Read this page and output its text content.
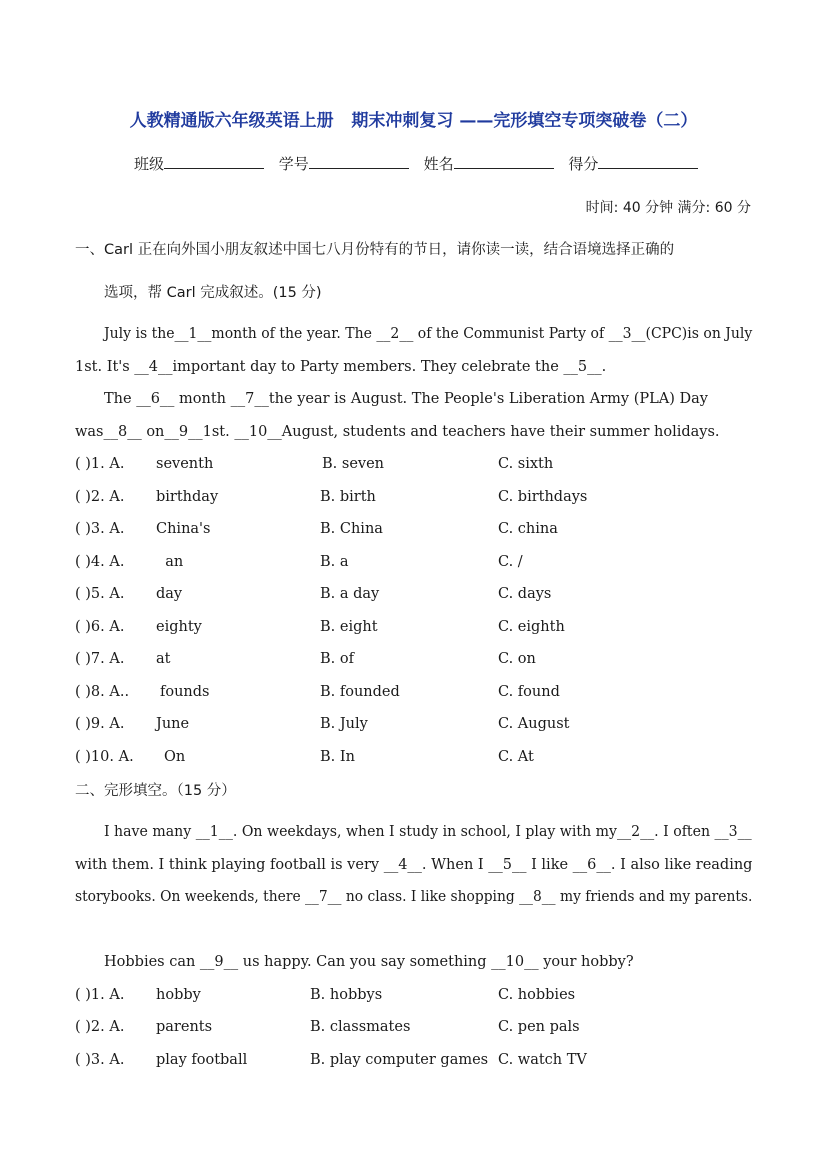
人教精通版六年级英语上册   期末冲刺复习 ——完形填空专项突破卷（二）
班级	学号	姓名	得分
时间: 40 分钟 满分: 60 分
一、Carl 正在向外国小朋友叙述中国七八月份特有的节日，请你读一读，结合语境选择正确的
选项，帮 Carl 完成叙述。(15 分)
July is the__1__month of the year. The __2__ of the Communist Party of __3__(CPC)is on July
1st. It's __4__important day to Party members. They celebrate the __5__.
The __6__ month __7__the year is August. The People's Liberation Army (PLA) Day
was__8__ on__9__1st. __10__August, students and teachers have their summer holidays.
( )1. A. seventh	B. seven	C. sixth
( )2. A. birthday	B. birth	C. birthdays
( )3. A. China's	B. China	C. china
( )4. A. an	B. a	C. /
( )5. A. day	B. a day	C. days
( )6. A. eighty	B. eight	C. eighth
( )7. A. at	B. of	C. on
( )8. A.. founds	B. founded	C. found
( )9. A. June	B. July	C. August
( )10. A. On	B. In	C. At
二、完形填空。（15 分）
I have many __1__. On weekdays, when I study in school, I play with my__2__. I often __3__
with them. I think playing football is very __4__. When I __5__ I like __6__. I also like reading
storybooks. On weekends, there __7__ no class. I like shopping __8__ my friends and my parents.
Hobbies can __9__ us happy. Can you say something __10__ your hobby?
( )1. A. hobby	B. hobbys	C. hobbies
( )2. A. parents	B. classmates	C. pen pals
( )3. A. play football	B. play computer games C. watch TV
